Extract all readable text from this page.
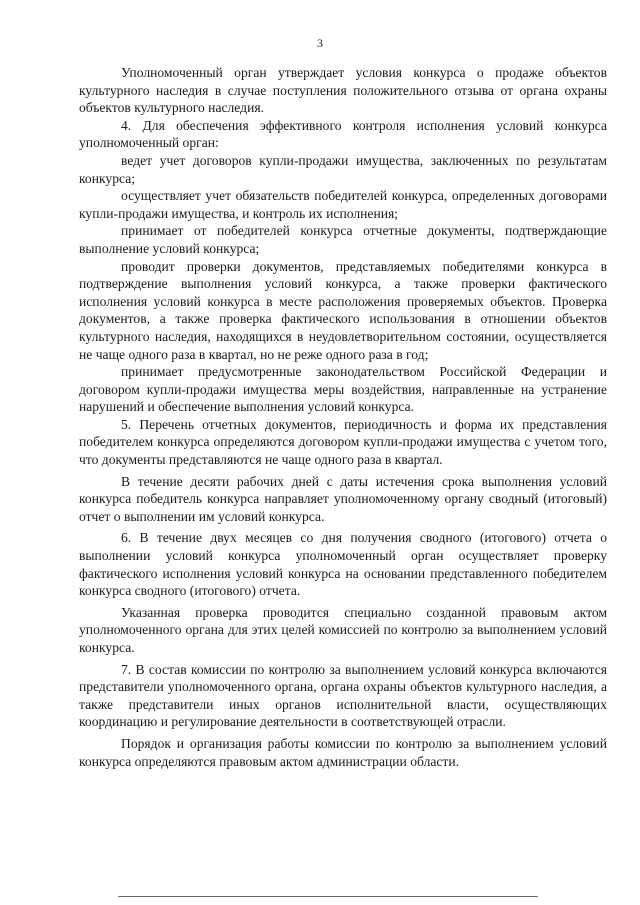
3

Уполномоченный орган утверждает условия конкурса о продаже объектов культурного наследия в случае поступления положительного отзыва от органа охраны объектов культурного наследия.

4. Для обеспечения эффективного контроля исполнения условий конкурса уполномоченный орган:

ведет учет договоров купли-продажи имущества, заключенных по результатам конкурса;

осуществляет учет обязательств победителей конкурса, определенных договорами купли-продажи имущества, и контроль их исполнения;

принимает от победителей конкурса отчетные документы, подтверждающие выполнение условий конкурса;

проводит проверки документов, представляемых победителями конкурса в подтверждение выполнения условий конкурса, а также проверки фактического исполнения условий конкурса в месте расположения проверяемых объектов. Проверка документов, а также проверка фактического использования в отношении объектов культурного наследия, находящихся в неудовлетворительном состоянии, осуществляется не чаще одного раза в квартал, но не реже одного раза в год;

принимает предусмотренные законодательством Российской Федерации и договором купли-продажи имущества меры воздействия, направленные на устранение нарушений и обеспечение выполнения условий конкурса.

5. Перечень отчетных документов, периодичность и форма их представления победителем конкурса определяются договором купли-продажи имущества с учетом того, что документы представляются не чаще одного раза в квартал.

В течение десяти рабочих дней с даты истечения срока выполнения условий конкурса победитель конкурса направляет уполномоченному органу сводный (итоговый) отчет о выполнении им условий конкурса.

6. В течение двух месяцев со дня получения сводного (итогового) отчета о выполнении условий конкурса уполномоченный орган осуществляет проверку фактического исполнения условий конкурса на основании представленного победителем конкурса сводного (итогового) отчета.

Указанная проверка проводится специально созданной правовым актом уполномоченного органа для этих целей комиссией по контролю за выполнением условий конкурса.

7. В состав комиссии по контролю за выполнением условий конкурса включаются представители уполномоченного органа, органа охраны объектов культурного наследия, а также представители иных органов исполнительной власти, осуществляющих координацию и регулирование деятельности в соответствующей отрасли.

Порядок и организация работы комиссии по контролю за выполнением условий конкурса определяются правовым актом администрации области.
